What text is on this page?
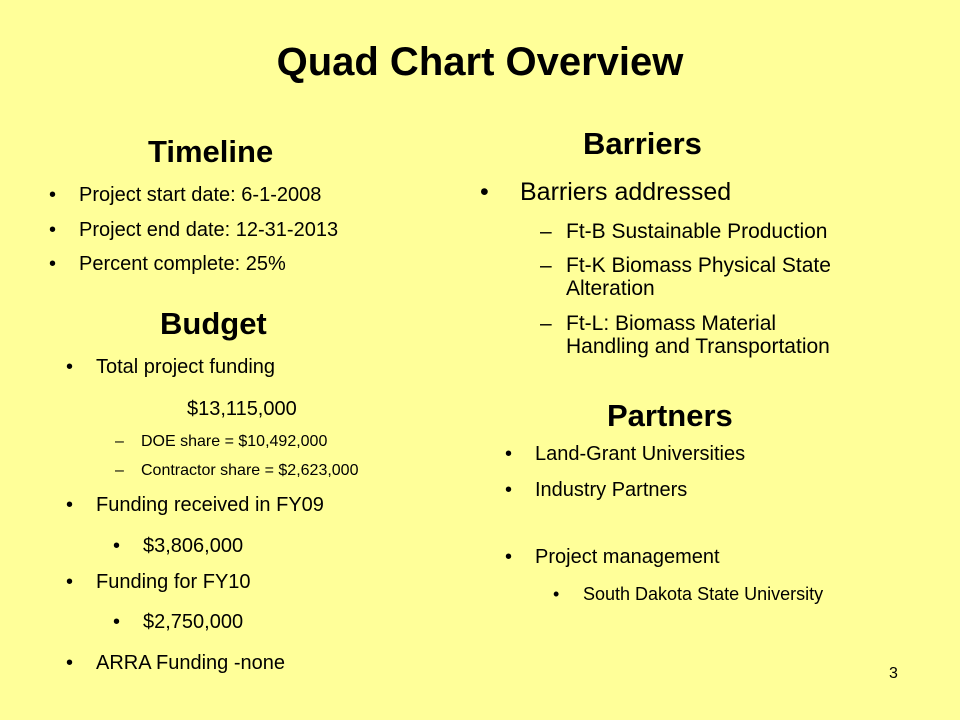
Quad Chart Overview
Timeline
• Project start date: 6-1-2008
• Project end date: 12-31-2013
• Percent complete: 25%
Budget
• Total project funding
$13,115,000
– DOE share = $10,492,000
– Contractor share = $2,623,000
• Funding received in FY09
• $3,806,000
• Funding for FY10
• $2,750,000
• ARRA Funding -none
Barriers
• Barriers addressed
– Ft-B Sustainable Production
– Ft-K Biomass Physical State
Alteration
– Ft-L: Biomass Material
Handling and Transportation
Partners
• Land-Grant Universities
• Industry Partners
• Project management
• South Dakota State University
3
